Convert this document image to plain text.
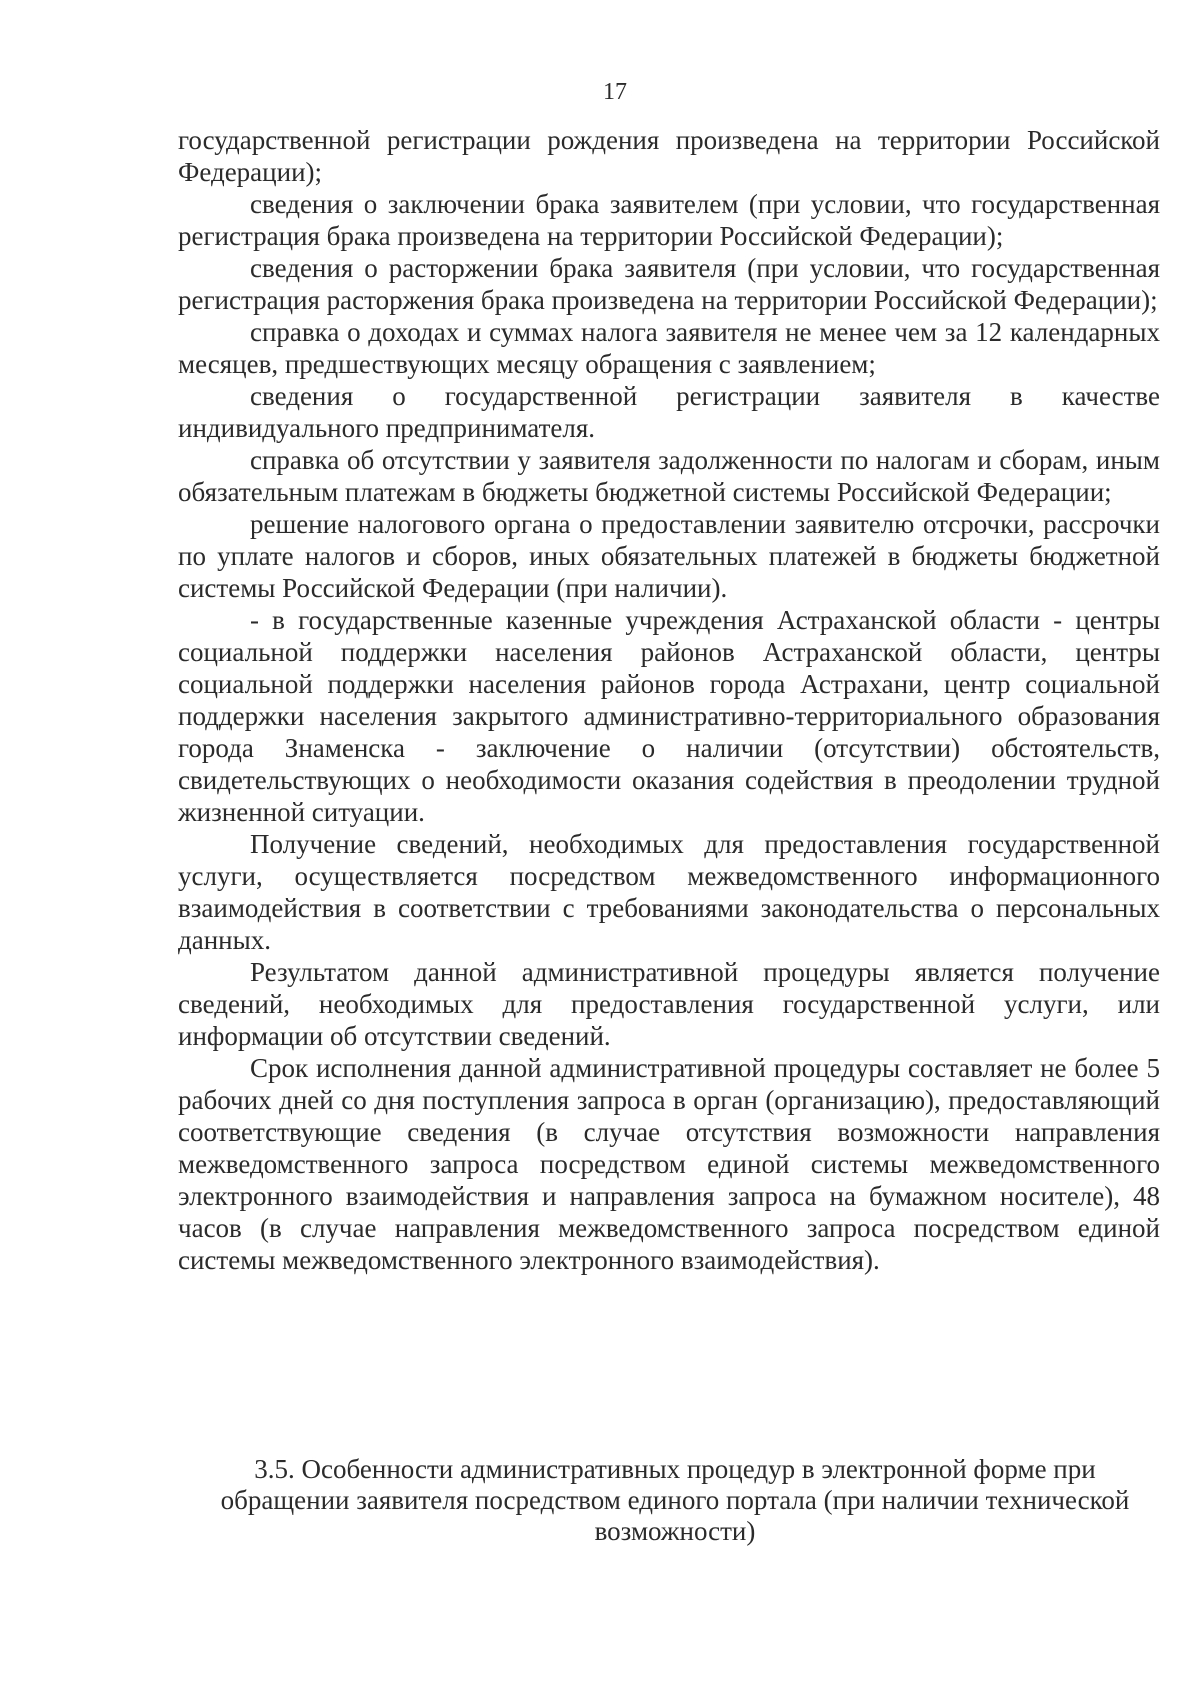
17

государственной регистрации рождения произведена на территории Российской Федерации);

сведения о заключении брака заявителем (при условии, что государственная регистрация брака произведена на территории Российской Федерации);

сведения о расторжении брака заявителя (при условии, что государственная регистрация расторжения брака произведена на территории Российской Федерации);

справка о доходах и суммах налога заявителя не менее чем за 12 календарных месяцев, предшествующих месяцу обращения с заявлением;

сведения о государственной регистрации заявителя в качестве индивидуального предпринимателя.

справка об отсутствии у заявителя задолженности по налогам и сборам, иным обязательным платежам в бюджеты бюджетной системы Российской Федерации;

решение налогового органа о предоставлении заявителю отсрочки, рассрочки по уплате налогов и сборов, иных обязательных платежей в бюджеты бюджетной системы Российской Федерации (при наличии).

- в государственные казенные учреждения Астраханской области - центры социальной поддержки населения районов Астраханской области, центры социальной поддержки населения районов города Астрахани, центр социальной поддержки населения закрытого административно-территориального образования города Знаменска - заключение о наличии (отсутствии) обстоятельств, свидетельствующих о необходимости оказания содействия в преодолении трудной жизненной ситуации.

Получение сведений, необходимых для предоставления государственной услуги, осуществляется посредством межведомственного информационного взаимодействия в соответствии с требованиями законодательства о персональных данных.

Результатом данной административной процедуры является получение сведений, необходимых для предоставления государственной услуги, или информации об отсутствии сведений.

Срок исполнения данной административной процедуры составляет не более 5 рабочих дней со дня поступления запроса в орган (организацию), предоставляющий соответствующие сведения (в случае отсутствия возможности направления межведомственного запроса посредством единой системы межведомственного электронного взаимодействия и направления запроса на бумажном носителе), 48 часов (в случае направления межведомственного запроса посредством единой системы межведомственного электронного взаимодействия).

3.5. Особенности административных процедур в электронной форме при
обращении заявителя посредством единого портала (при наличии технической
возможности)
